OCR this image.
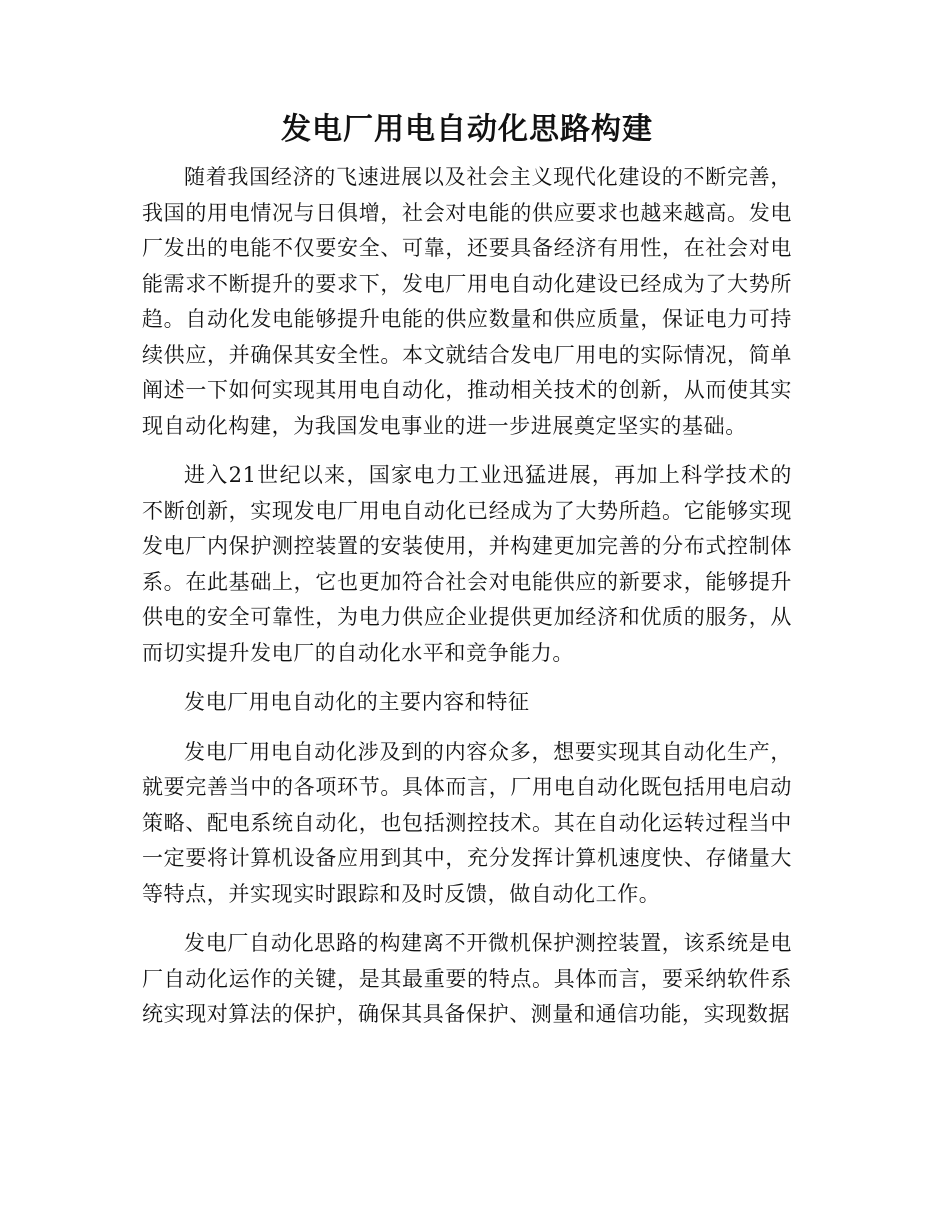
发电厂用电自动化思路构建

随着我国经济的飞速进展以及社会主义现代化建设的不断完善，我国的用电情况与日俱增，社会对电能的供应要求也越来越高。发电厂发出的电能不仅要安全、可靠，还要具备经济有用性，在社会对电能需求不断提升的要求下，发电厂用电自动化建设已经成为了大势所趋。自动化发电能够提升电能的供应数量和供应质量，保证电力可持续供应，并确保其安全性。本文就结合发电厂用电的实际情况，简单阐述一下如何实现其用电自动化，推动相关技术的创新，从而使其实现自动化构建，为我国发电事业的进一步进展奠定坚实的基础。

进入21世纪以来，国家电力工业迅猛进展，再加上科学技术的不断创新，实现发电厂用电自动化已经成为了大势所趋。它能够实现发电厂内保护测控装置的安装使用，并构建更加完善的分布式控制体系。在此基础上，它也更加符合社会对电能供应的新要求，能够提升供电的安全可靠性，为电力供应企业提供更加经济和优质的服务，从而切实提升发电厂的自动化水平和竞争能力。

发电厂用电自动化的主要内容和特征

发电厂用电自动化涉及到的内容众多，想要实现其自动化生产，就要完善当中的各项环节。具体而言，厂用电自动化既包括用电启动策略、配电系统自动化，也包括测控技术。其在自动化运转过程当中一定要将计算机设备应用到其中，充分发挥计算机速度快、存储量大等特点，并实现实时跟踪和及时反馈，做自动化工作。

发电厂自动化思路的构建离不开微机保护测控装置，该系统是电厂自动化运作的关键，是其最重要的特点。具体而言，要采纳软件系统实现对算法的保护，确保其具备保护、测量和通信功能，实现数据
